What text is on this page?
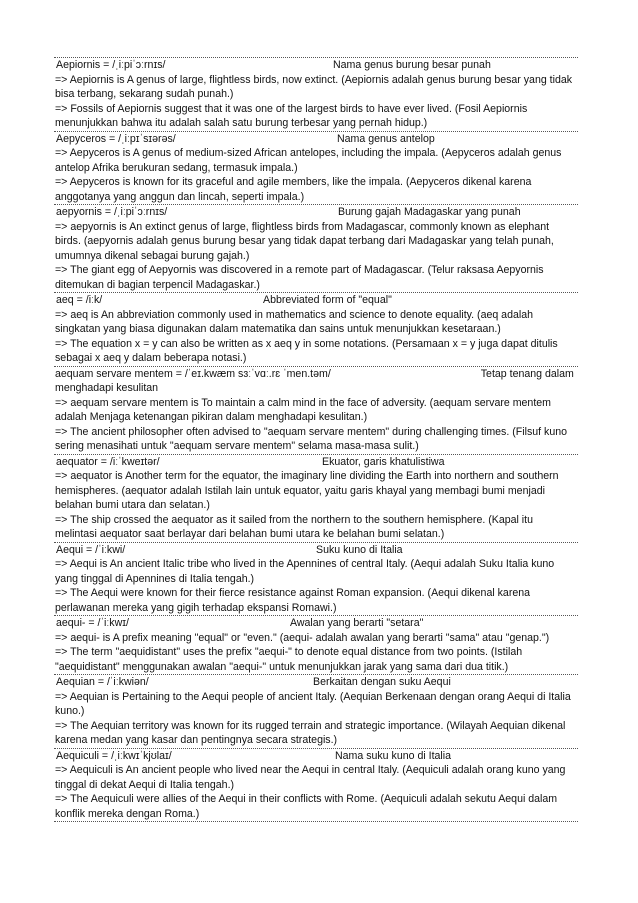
Aepiornis = /ˌiːpiˈɔːrnɪs/	Nama genus burung besar punah

=> Aepiornis is A genus of large, flightless birds, now extinct. (Aepiornis adalah genus burung besar yang tidak bisa terbang, sekarang sudah punah.)

=> Fossils of Aepiornis suggest that it was one of the largest birds to have ever lived. (Fosil Aepiornis menunjukkan bahwa itu adalah salah satu burung terbesar yang pernah hidup.)

Aepyceros = /ˌiːpɪˈsɪərəs/	Nama genus antelop

=> Aepyceros is A genus of medium-sized African antelopes, including the impala. (Aepyceros adalah genus antelop Afrika berukuran sedang, termasuk impala.)

=> Aepyceros is known for its graceful and agile members, like the impala. (Aepyceros dikenal karena anggotanya yang anggun dan lincah, seperti impala.)

aepyornis = /ˌiːpiˈɔːrnɪs/	Burung gajah Madagaskar yang punah

=> aepyornis is An extinct genus of large, flightless birds from Madagascar, commonly known as elephant birds. (aepyornis adalah genus burung besar yang tidak dapat terbang dari Madagaskar yang telah punah, umumnya dikenal sebagai burung gajah.)

=> The giant egg of Aepyornis was discovered in a remote part of Madagascar. (Telur raksasa Aepyornis ditemukan di bagian terpencil Madagaskar.)

aeq = /iːk/	Abbreviated form of "equal"

=> aeq is An abbreviation commonly used in mathematics and science to denote equality. (aeq adalah singkatan yang biasa digunakan dalam matematika dan sains untuk menunjukkan kesetaraan.)

=> The equation x = y can also be written as x aeq y in some notations. (Persamaan x = y juga dapat ditulis sebagai x aeq y dalam beberapa notasi.)

aequam servare mentem = /ˈeɪ.kwæm sɜːˈvɑː.rɛ ˈmen.təm/	Tetap tenang dalam menghadapi kesulitan

=> aequam servare mentem is To maintain a calm mind in the face of adversity. (aequam servare mentem adalah Menjaga ketenangan pikiran dalam menghadapi kesulitan.)

=> The ancient philosopher often advised to "aequam servare mentem" during challenging times. (Filsuf kuno sering menasihati untuk "aequam servare mentem" selama masa-masa sulit.)

aequator = /iːˈkweɪtər/	Ekuator, garis khatulistiwa

=> aequator is Another term for the equator, the imaginary line dividing the Earth into northern and southern hemispheres. (aequator adalah Istilah lain untuk equator, yaitu garis khayal yang membagi bumi menjadi belahan bumi utara dan selatan.)

=> The ship crossed the aequator as it sailed from the northern to the southern hemisphere. (Kapal itu melintasi aequator saat berlayar dari belahan bumi utara ke belahan bumi selatan.)

Aequi = /ˈiːkwi/	Suku kuno di Italia

=> Aequi is An ancient Italic tribe who lived in the Apennines of central Italy. (Aequi adalah Suku Italia kuno yang tinggal di Apennines di Italia tengah.)

=> The Aequi were known for their fierce resistance against Roman expansion. (Aequi dikenal karena perlawanan mereka yang gigih terhadap ekspansi Romawi.)

aequi- = /ˈiːkwɪ/	Awalan yang berarti "setara"

=> aequi- is A prefix meaning "equal" or "even." (aequi- adalah awalan yang berarti "sama" atau "genap.")

=> The term "aequidistant" uses the prefix "aequi-" to denote equal distance from two points. (Istilah "aequidistant" menggunakan awalan "aequi-" untuk menunjukkan jarak yang sama dari dua titik.)

Aequian = /ˈiːkwiən/	Berkaitan dengan suku Aequi

=> Aequian is Pertaining to the Aequi people of ancient Italy. (Aequian Berkenaan dengan orang Aequi di Italia kuno.)

=> The Aequian territory was known for its rugged terrain and strategic importance. (Wilayah Aequian dikenal karena medan yang kasar dan pentingnya secara strategis.)

Aequiculi = /ˌiːkwɪˈkjʊlaɪ/	Nama suku kuno di Italia

=> Aequiculi is An ancient people who lived near the Aequi in central Italy. (Aequiculi adalah orang kuno yang tinggal di dekat Aequi di Italia tengah.)

=> The Aequiculi were allies of the Aequi in their conflicts with Rome. (Aequiculi adalah sekutu Aequi dalam konflik mereka dengan Roma.)
